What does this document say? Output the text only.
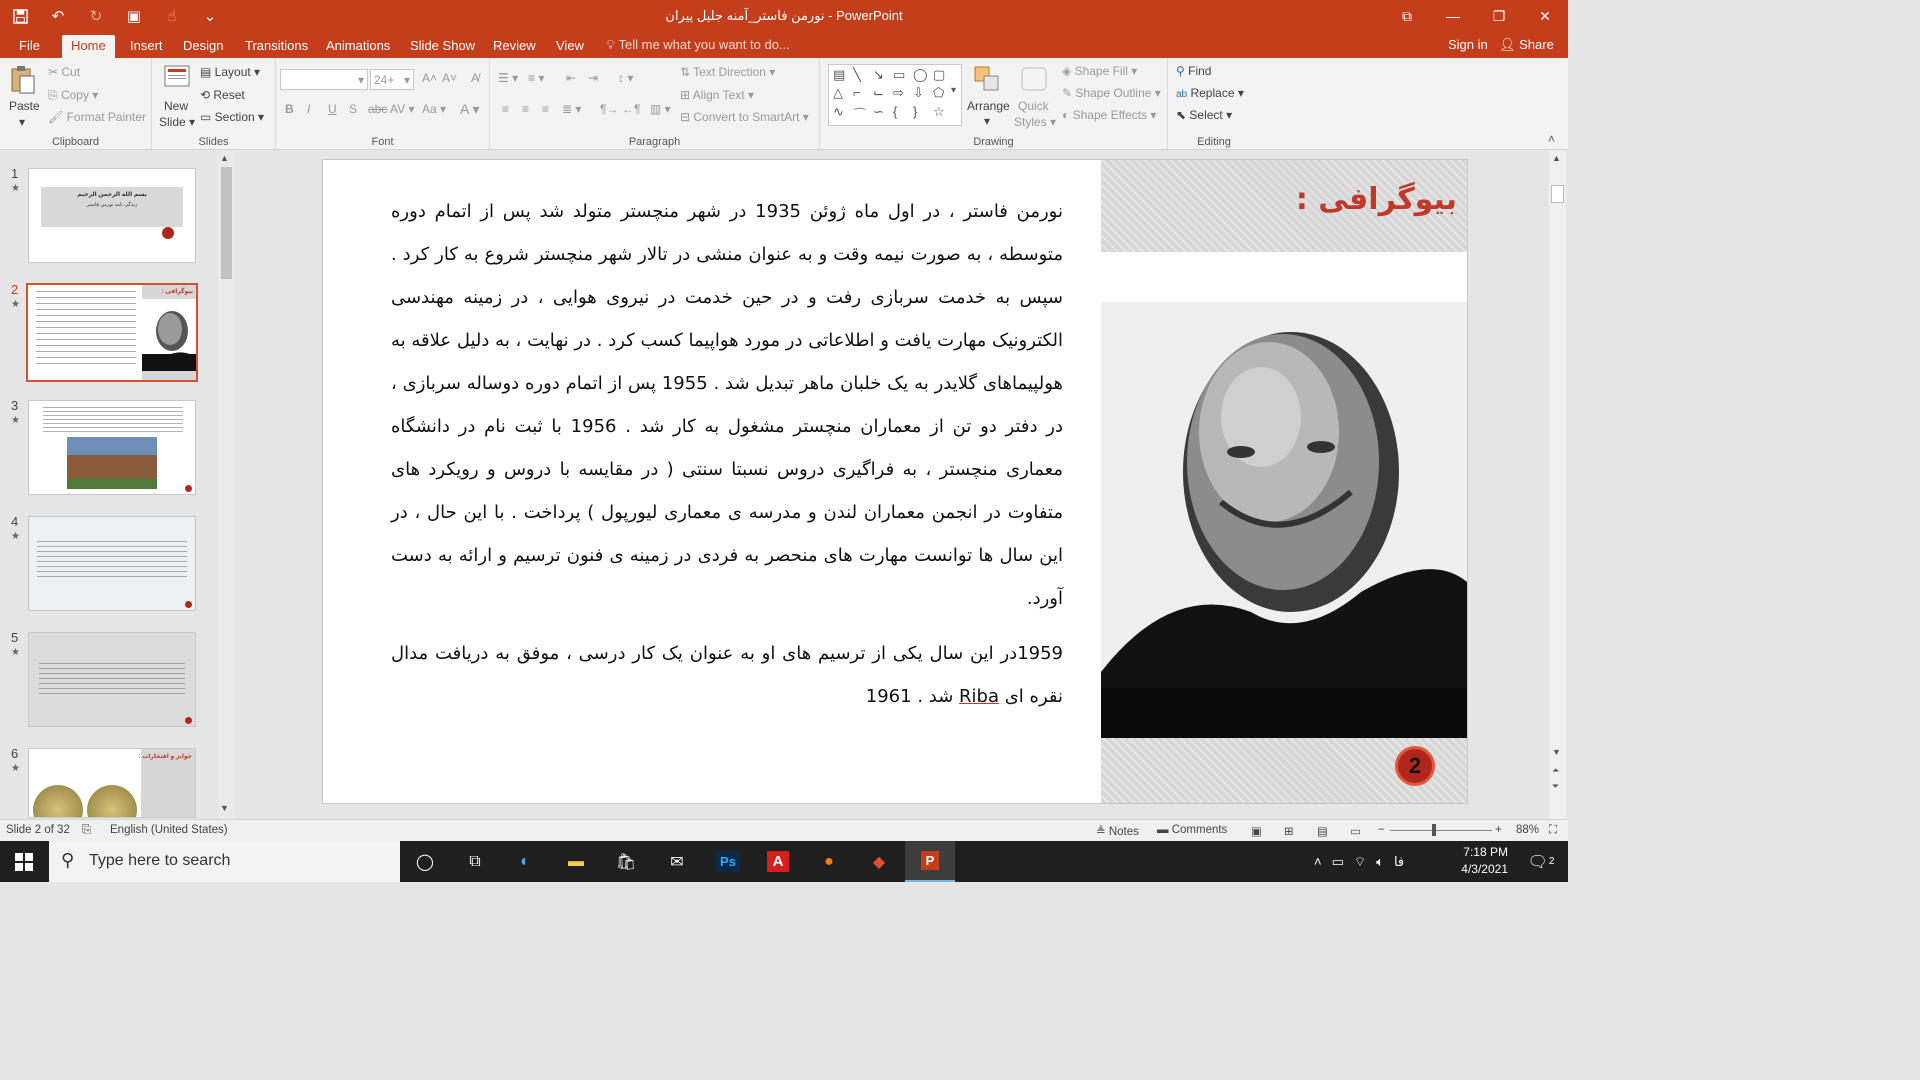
↶	↻	▣	☝	⌄	نورمن فاستر_آمنه جلیل پیران - PowerPoint	⧉	—	❐	✕
File	Home	Insert	Design	Transitions	Animations	Slide Show	Review	View	💡︎ Tell me what you want to do...	Sign in 👤︎ Share
Paste
▾
✂ Cut
⎘ Copy ▾
🖌︎ Format Painter
Clipboard
New
Slide ▾
▤ Layout ▾
⟲ Reset
▭ Section ▾
Slides
▾ 24+ ▾ A˄ A˅ A̸
B I U S abc AV ▾ Aa ▾ A ▾
Font
☰ ▾ ≡ ▾ ⇤ ⇥ ↕ ▾
≡ ≡ ≡ ≣ ▾ ¶→ ←¶ ▥ ▾
⇅ Text Direction ▾
⊞ Align Text ▾
⊟ Convert to SmartArt ▾
Paragraph
▤ ╲ ↘ ▭ ◯ ▢
△ ⌐ ⌙ ⇨ ⇩ ⬠
∿ ⌒ ∽ { } ☆
▾
Arrange
▾
Quick
Styles ▾
◈ Shape Fill ▾
✎ Shape Outline ▾
◐ Shape Effects ▾
Drawing
⚲ Find
ab Replace ▾
⬉ Select ▾
Editing	˄
1
★
بسم الله الرحمن الرحیم
زندگی نامه نورمن فاستر
2
★
بیوگرافی :
3
★
4
★
5
★
6
★
جوایز و افتخارات :
▲
▼
بیوگرافی :
2

نورمن فاستر ، در اول ماه ژوئن 1935 در شهر منچستر متولد شد پس از اتمام دوره متوسطه ، به صورت نیمه وقت و به عنوان منشی در تالار شهر منچستر شروع به کار کرد . سپس به خدمت سربازی رفت و در حین خدمت در نیروی هوایی ، در زمینه مهندسی الکترونیک مهارت یافت و اطلاعاتی در مورد هواپیما کسب کرد . در نهایت ، به دلیل علاقه به هولپیماهای گلایدر به یک خلبان ماهر تبدیل شد . 1955 پس از اتمام دوره دوساله سربازی ، در دفتر دو تن از معماران منچستر مشغول به کار شد . 1956 با ثبت نام در دانشگاه معماری منچستر ، به فراگیری دروس نسبتا سنتی ( در مقایسه با دروس و رویکرد های متفاوت در انجمن معماران لندن و مدرسه ی معماری لیورپول ) پرداخت . با این حال ، در این سال ها توانست مهارت های منحصر به فردی در زمینه ی فنون ترسیم و ارائه به دست آورد.

1959در این سال یکی از ترسیم های او به عنوان یک کار درسی ، موفق به دریافت مدال نقره ای Riba شد . 1961

▲
▼
⏶
⏷
Slide 2 of 32 ⎘ English (United States)	≜ Notes ▬ Comments ▣ ⊞ ▤ ▭ −	+ 88% ⛶
⚲ Type here to search	◯	⧉	◐	▬	🛍︎	✉	Ps	A	●	◆	P	˄ ▭ ⌔ 🔈︎ فا
7:18 PM
4/3/2021	🗨︎ 2
